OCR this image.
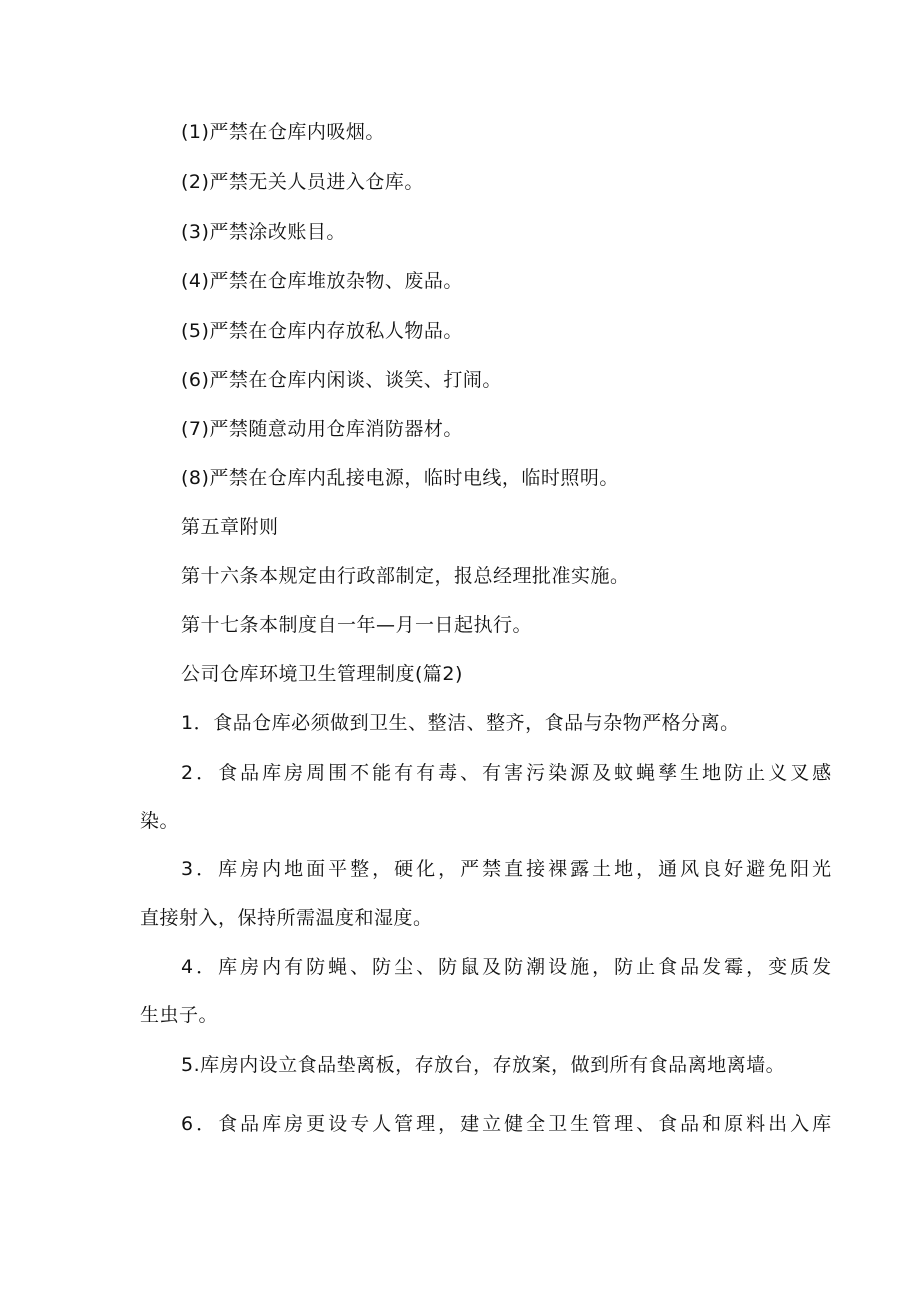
(1)严禁在仓库内吸烟。
(2)严禁无关人员进入仓库。
(3)严禁涂改账目。
(4)严禁在仓库堆放杂物、废品。
(5)严禁在仓库内存放私人物品。
(6)严禁在仓库内闲谈、谈笑、打闹。
(7)严禁随意动用仓库消防器材。
(8)严禁在仓库内乱接电源，临时电线，临时照明。
第五章附则
第十六条本规定由行政部制定，报总经理批准实施。
第十七条本制度自一年—月一日起执行。
公司仓库环境卫生管理制度(篇2)
1．食品仓库必须做到卫生、整洁、整齐，食品与杂物严格分离。
2．食品库房周围不能有有毒、有害污染源及蚊蝇孳生地防止义叉感
染。
3．库房内地面平整，硬化，严禁直接裸露土地，通风良好避免阳光
直接射入，保持所需温度和湿度。
4．库房内有防蝇、防尘、防鼠及防潮设施，防止食品发霉，变质发
生虫子。
5.库房内设立食品垫离板，存放台，存放案，做到所有食品离地离墙。
6．食品库房更设专人管理，建立健全卫生管理、食品和原料出入库
